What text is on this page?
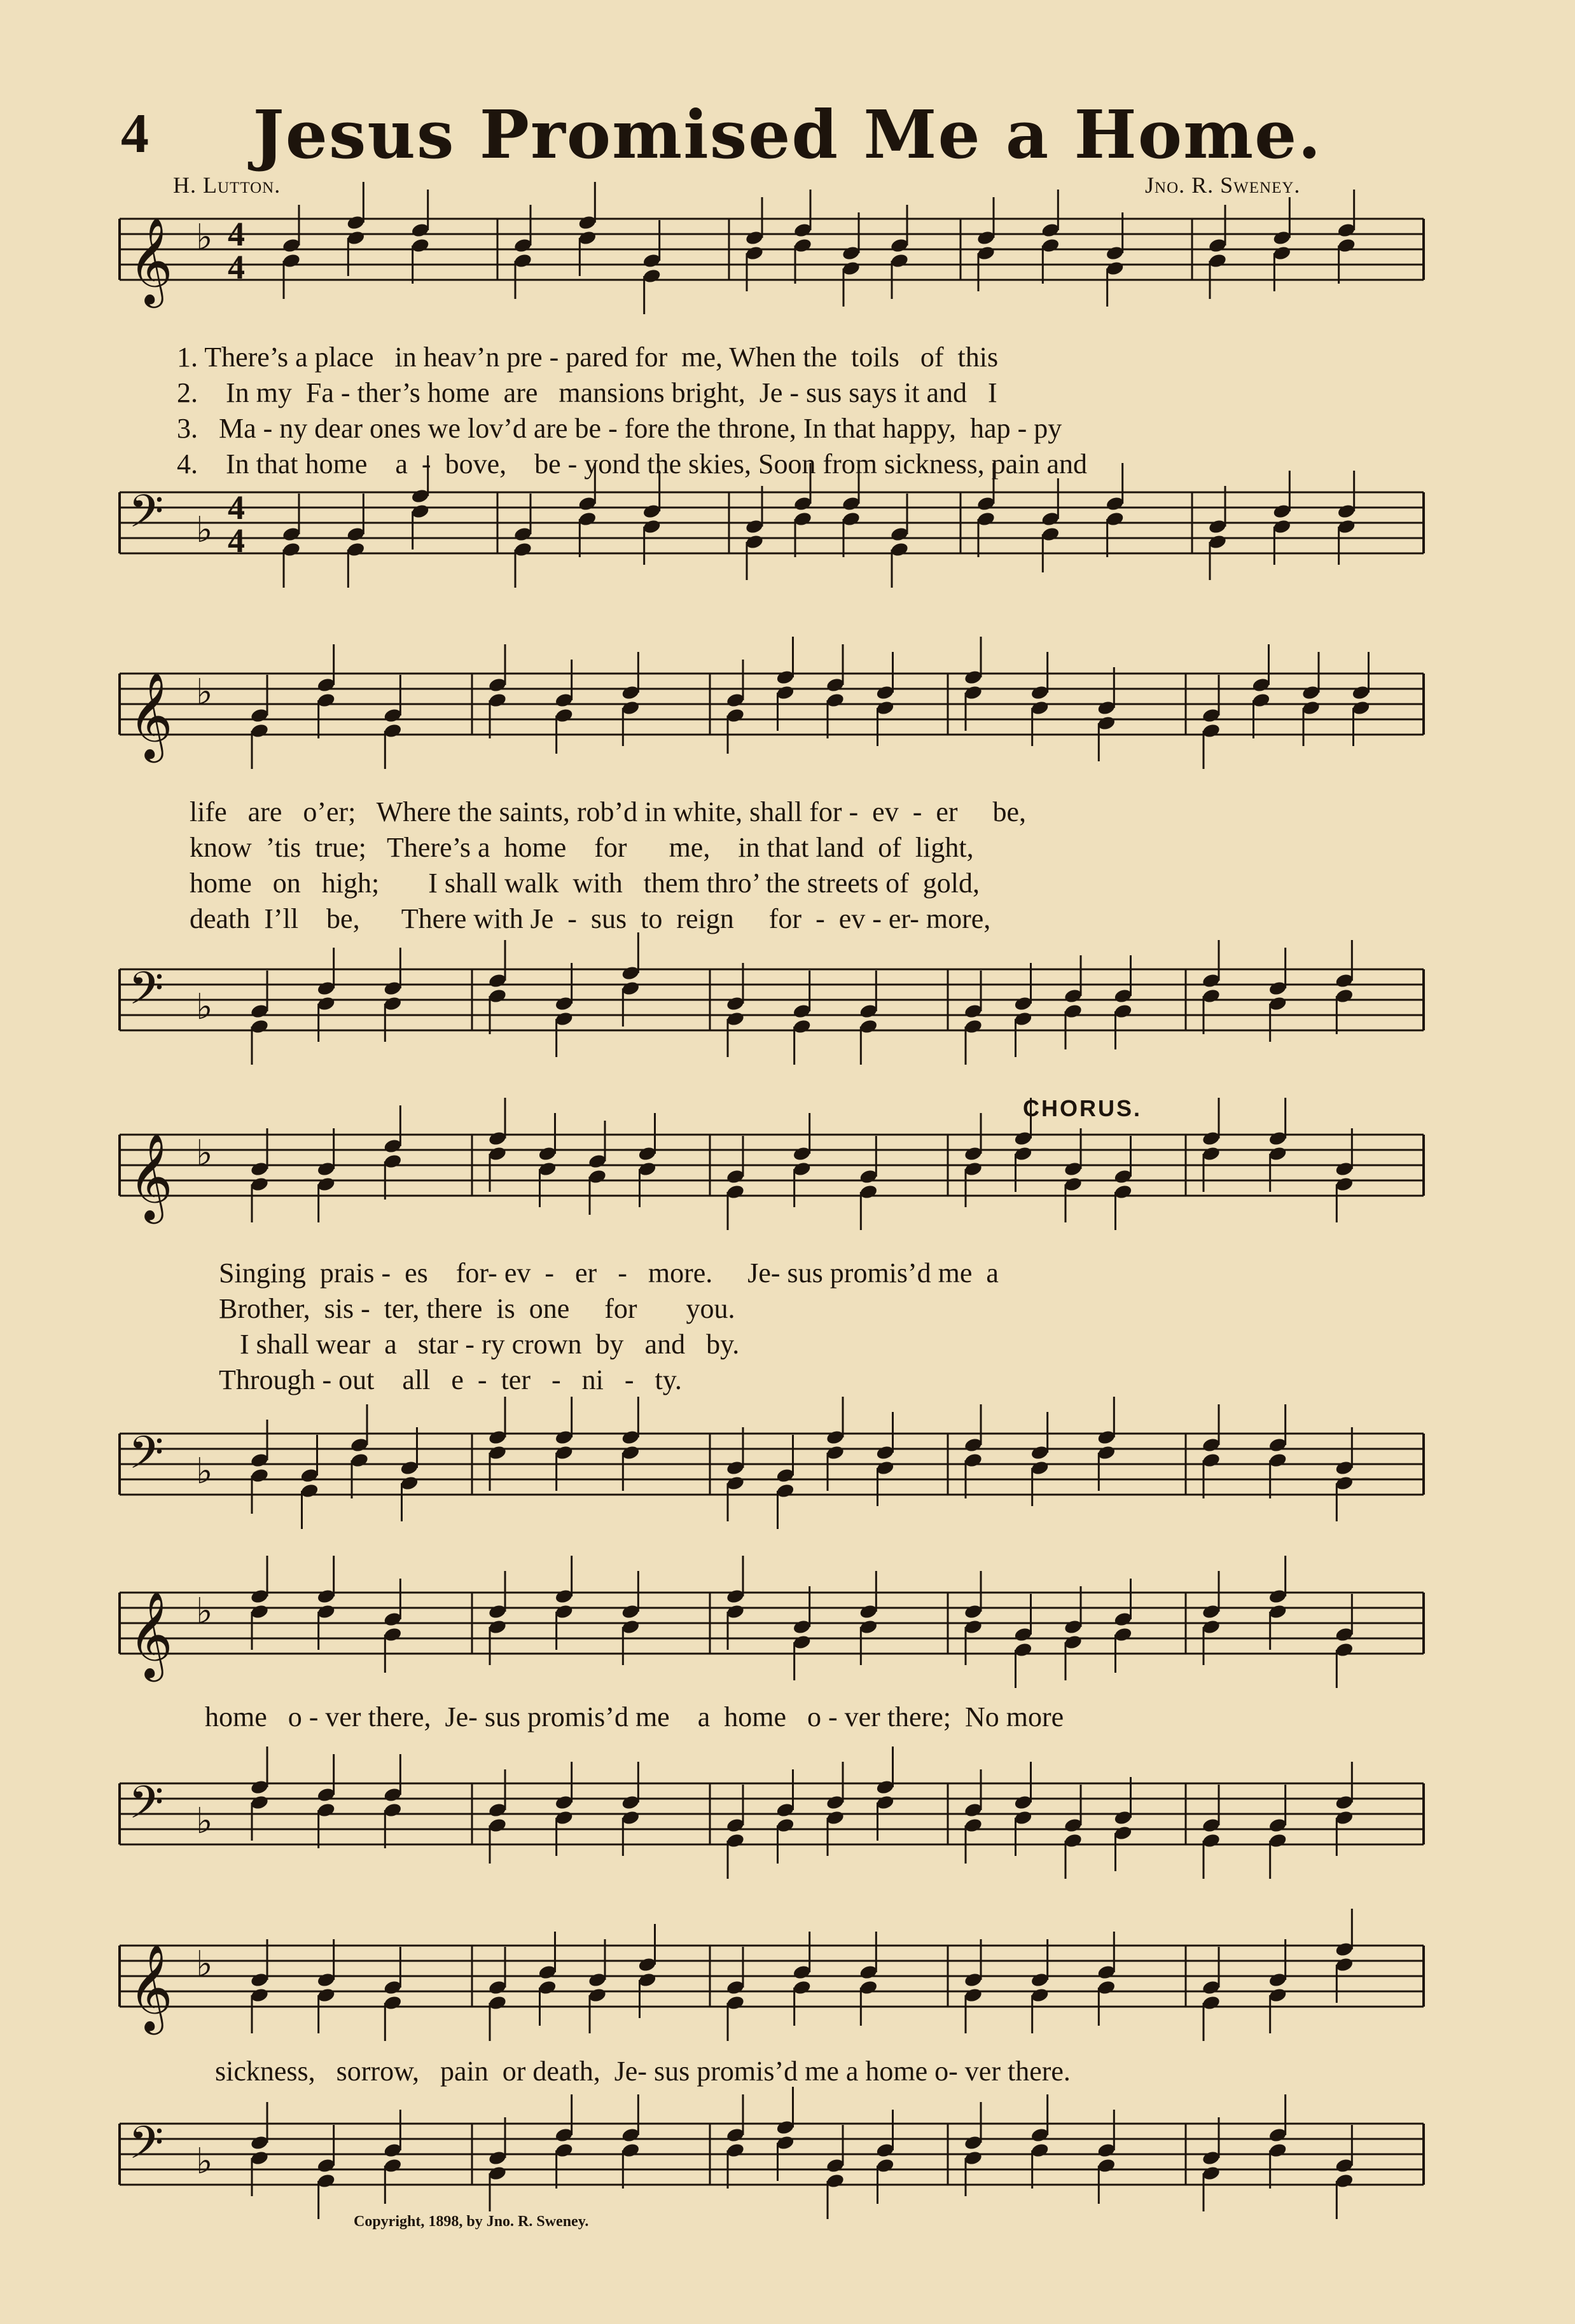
4	Jesus Promised Me a Home.
H. Lutton.	Jno. R. Sweney.
𝄞 ♭ 4
4
𝄢 ♭
4
4
1. There’s a place   in heav’n pre - pared for  me, When the  toils   of  this
2.    In my  Fa - ther’s home  are   mansions bright,  Je - sus says it and   I
3.   Ma - ny dear ones we lov’d are be - fore the throne, In that happy,  hap - py
4.    In that home    a  -  bove,    be - yond the skies, Soon from sickness, pain and
𝄞 ♭
𝄢 ♭
life   are   o’er;   Where the saints, rob’d in white, shall for -  ev  -  er     be,
know  ’tis  true;   There’s a  home    for      me,    in that land  of  light,
home   on   high;       I shall walk  with   them thro’ the streets of  gold,
death  I’ll    be,      There with Je  -  sus  to  reign     for  -  ev - er- more,
CHORUS.
𝄞 ♭
𝄢 ♭
Singing  prais -  es    for- ev  -   er   -   more.     Je- sus promis’d me  a
Brother,  sis -  ter, there  is  one     for       you.
I shall wear  a   star - ry crown  by   and   by.
Through - out    all   e  -  ter   -   ni   -   ty.
𝄞 ♭
𝄢 ♭
home   o - ver there,  Je- sus promis’d me    a  home   o - ver there;  No more
𝄞 ♭
𝄢 ♭
sickness,   sorrow,   pain  or death,  Je- sus promis’d me a home o- ver there.
Copyright, 1898, by Jno. R. Sweney.
